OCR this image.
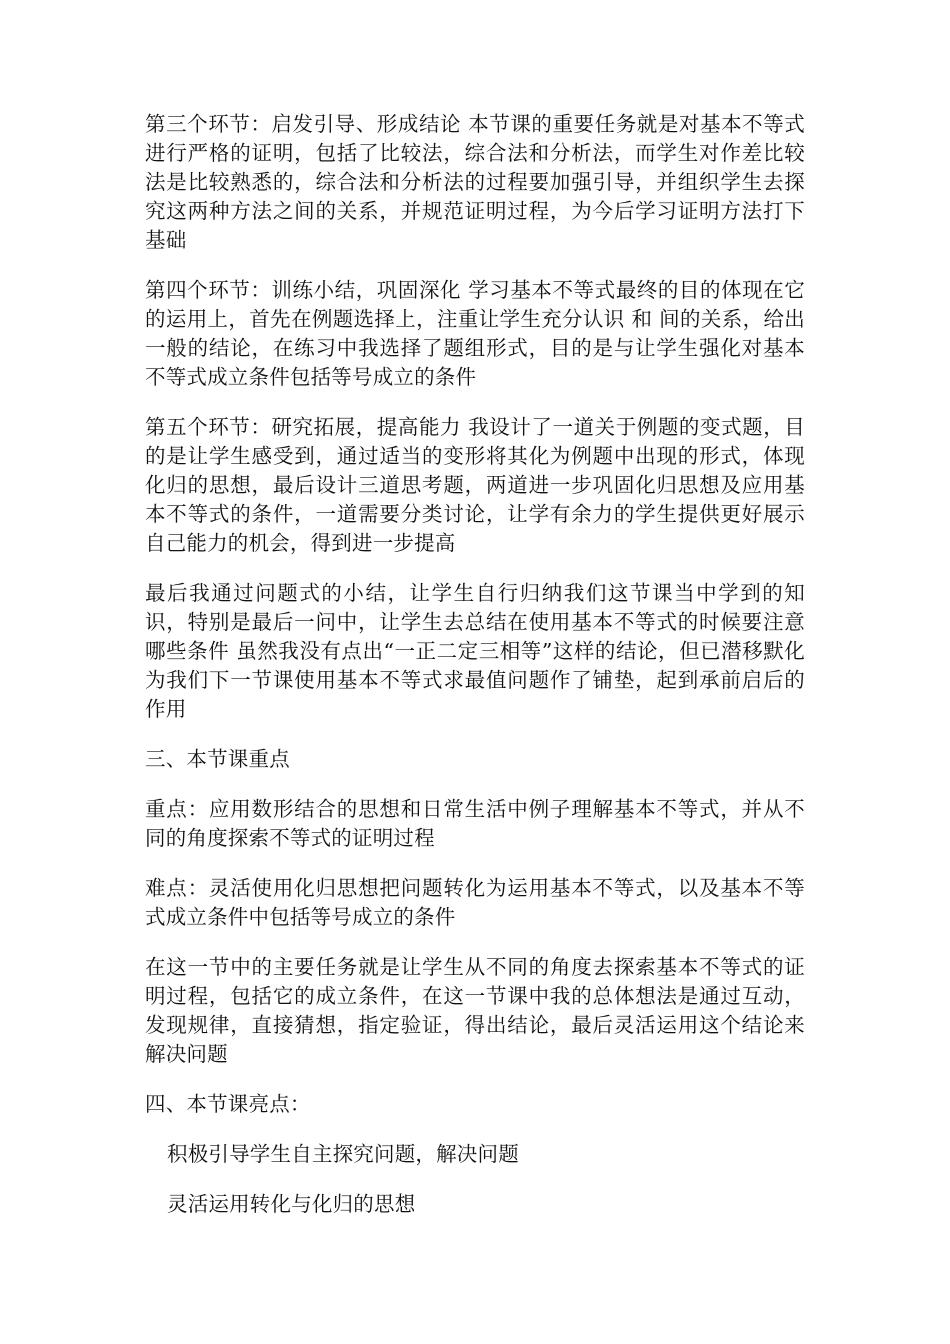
第三个环节：启发引导、形成结论 本节课的重要任务就是对基本不等式进行严格的证明，包括了比较法，综合法和分析法，而学生对作差比较法是比较熟悉的，综合法和分析法的过程要加强引导，并组织学生去探究这两种方法之间的关系，并规范证明过程，为今后学习证明方法打下基础

第四个环节：训练小结，巩固深化 学习基本不等式最终的目的体现在它的运用上，首先在例题选择上，注重让学生充分认识 和 间的关系，给出一般的结论，在练习中我选择了题组形式，目的是与让学生强化对基本不等式成立条件包括等号成立的条件

第五个环节：研究拓展，提高能力 我设计了一道关于例题的变式题，目的是让学生感受到，通过适当的变形将其化为例题中出现的形式，体现化归的思想，最后设计三道思考题，两道进一步巩固化归思想及应用基本不等式的条件，一道需要分类讨论，让学有余力的学生提供更好展示自己能力的机会，得到进一步提高

最后我通过问题式的小结，让学生自行归纳我们这节课当中学到的知识，特别是最后一问中，让学生去总结在使用基本不等式的时候要注意哪些条件 虽然我没有点出“一正二定三相等”这样的结论，但已潜移默化为我们下一节课使用基本不等式求最值问题作了铺垫，起到承前启后的作用

三、本节课重点

重点：应用数形结合的思想和日常生活中例子理解基本不等式，并从不同的角度探索不等式的证明过程

难点：灵活使用化归思想把问题转化为运用基本不等式，以及基本不等式成立条件中包括等号成立的条件

在这一节中的主要任务就是让学生从不同的角度去探索基本不等式的证明过程，包括它的成立条件，在这一节课中我的总体想法是通过互动，发现规律，直接猜想，指定验证，得出结论，最后灵活运用这个结论来解决问题

四、本节课亮点：

积极引导学生自主探究问题，解决问题

灵活运用转化与化归的思想
